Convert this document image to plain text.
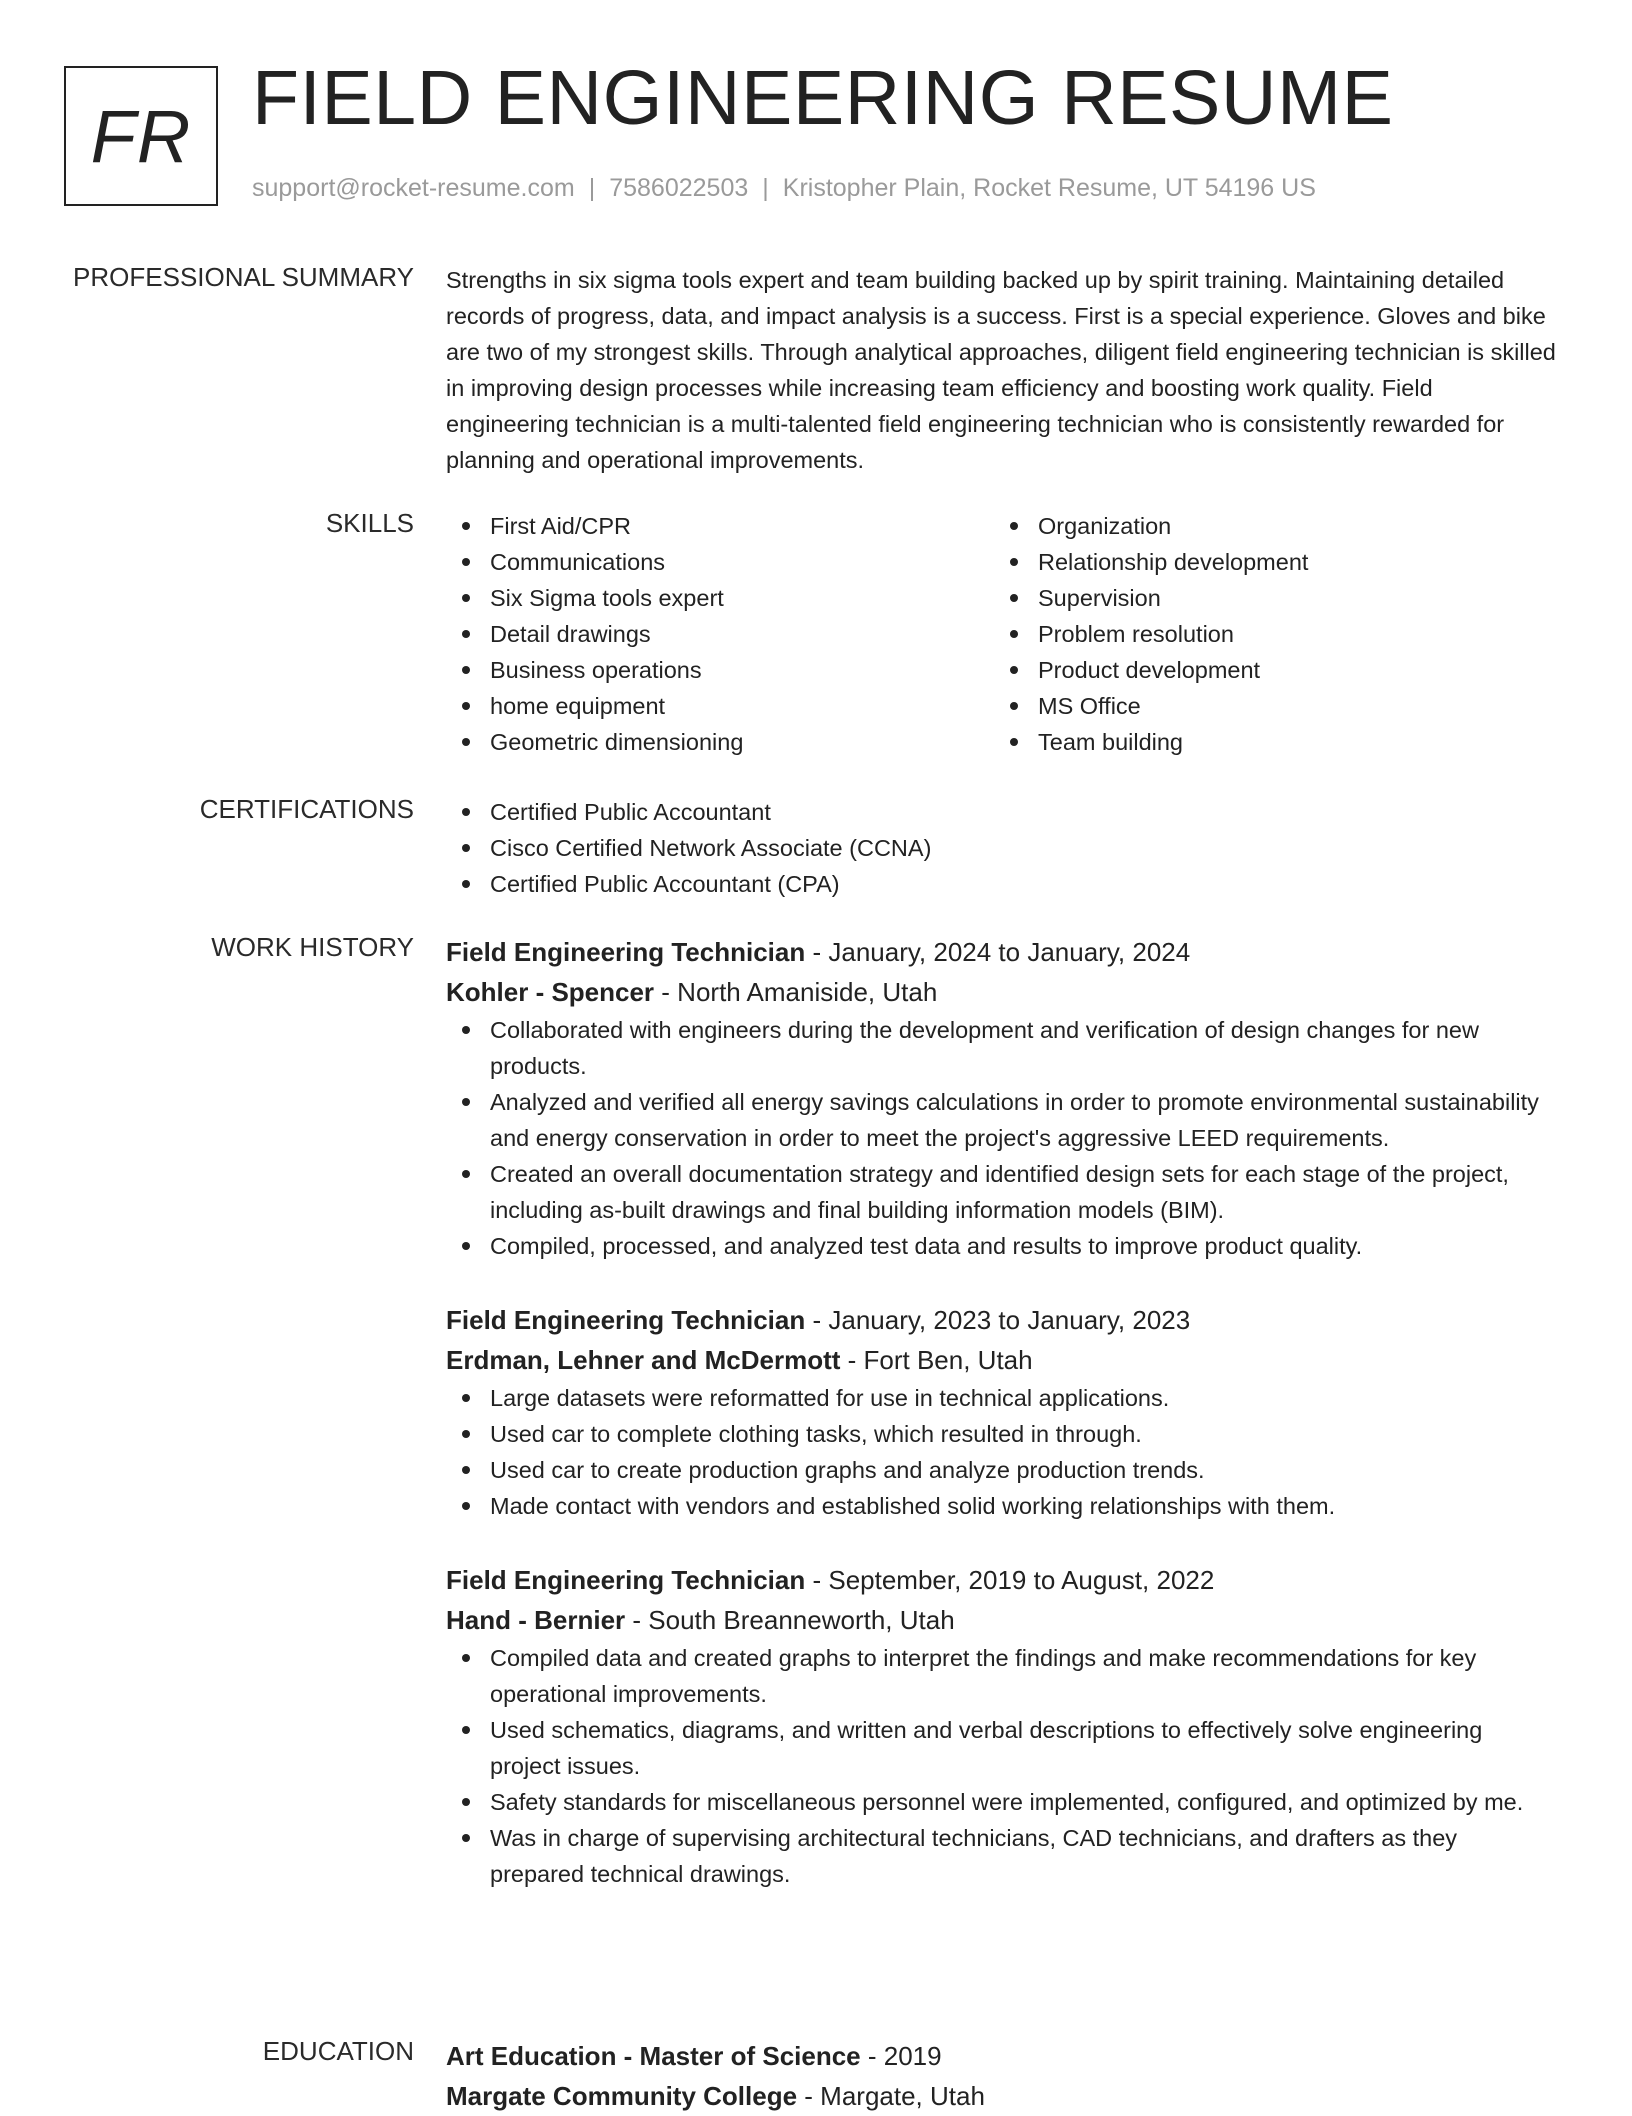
FR FIELD ENGINEERING RESUME
support@rocket-resume.com | 7586022503 | Kristopher Plain, Rocket Resume, UT 54196 US
PROFESSIONAL SUMMARY Strengths in six sigma tools expert and team building backed up by spirit training. Maintaining detailed records of progress, data, and impact analysis is a success. First is a special experience. Gloves and bike are two of my strongest skills. Through analytical approaches, diligent field engineering technician is skilled in improving design processes while increasing team efficiency and boosting work quality. Field engineering technician is a multi-talented field engineering technician who is consistently rewarded for planning and operational improvements.

SKILLS	First Aid/CPR
Communications
Six Sigma tools expert
Detail drawings
Business operations
home equipment
Geometric dimensioning
Organization
Relationship development
Supervision
Problem resolution
Product development
MS Office
Team building
CERTIFICATIONS	Certified Public Accountant
Cisco Certified Network Associate (CCNA)
Certified Public Accountant (CPA)
WORK HISTORY Field Engineering Technician - January, 2024 to January, 2024
Kohler - Spencer - North Amaniside, Utah
Collaborated with engineers during the development and verification of design changes for new products.
Analyzed and verified all energy savings calculations in order to promote environmental sustainability and energy conservation in order to meet the project's aggressive LEED requirements.
Created an overall documentation strategy and identified design sets for each stage of the project, including as-built drawings and final building information models (BIM).
Compiled, processed, and analyzed test data and results to improve product quality.
Field Engineering Technician - January, 2023 to January, 2023
Erdman, Lehner and McDermott - Fort Ben, Utah
Large datasets were reformatted for use in technical applications.
Used car to complete clothing tasks, which resulted in through.
Used car to create production graphs and analyze production trends.
Made contact with vendors and established solid working relationships with them.
Field Engineering Technician - September, 2019 to August, 2022
Hand - Bernier - South Breanneworth, Utah
Compiled data and created graphs to interpret the findings and make recommendations for key operational improvements.
Used schematics, diagrams, and written and verbal descriptions to effectively solve engineering project issues.
Safety standards for miscellaneous personnel were implemented, configured, and optimized by me.
Was in charge of supervising architectural technicians, CAD technicians, and drafters as they prepared technical drawings.
EDUCATION Art Education - Master of Science - 2019
Margate Community College - Margate, Utah
